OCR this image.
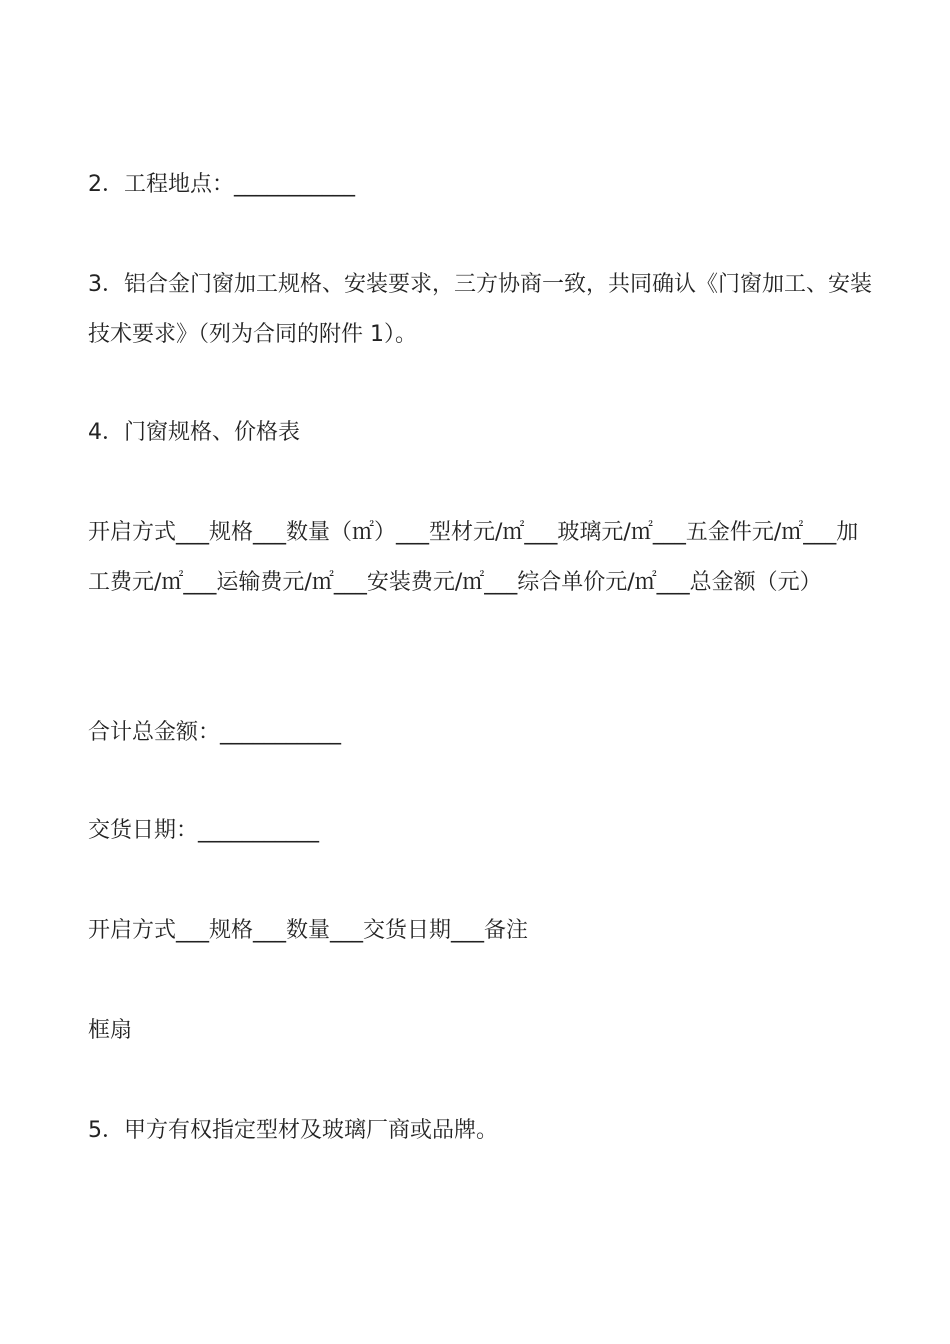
2．工程地点：___________

3．铝合金门窗加工规格、安装要求，三方协商一致，共同确认《门窗加工、安装技术要求》（列为合同的附件 1）。

4．门窗规格、价格表

开启方式___规格___数量（㎡）___型材元/㎡___玻璃元/㎡___五金件元/㎡___加工费元/㎡___运输费元/㎡___安装费元/㎡___综合单价元/㎡___总金额（元）

合计总金额：___________

交货日期：___________

开启方式___规格___数量___交货日期___备注

框扇

5．甲方有权指定型材及玻璃厂商或品牌。
